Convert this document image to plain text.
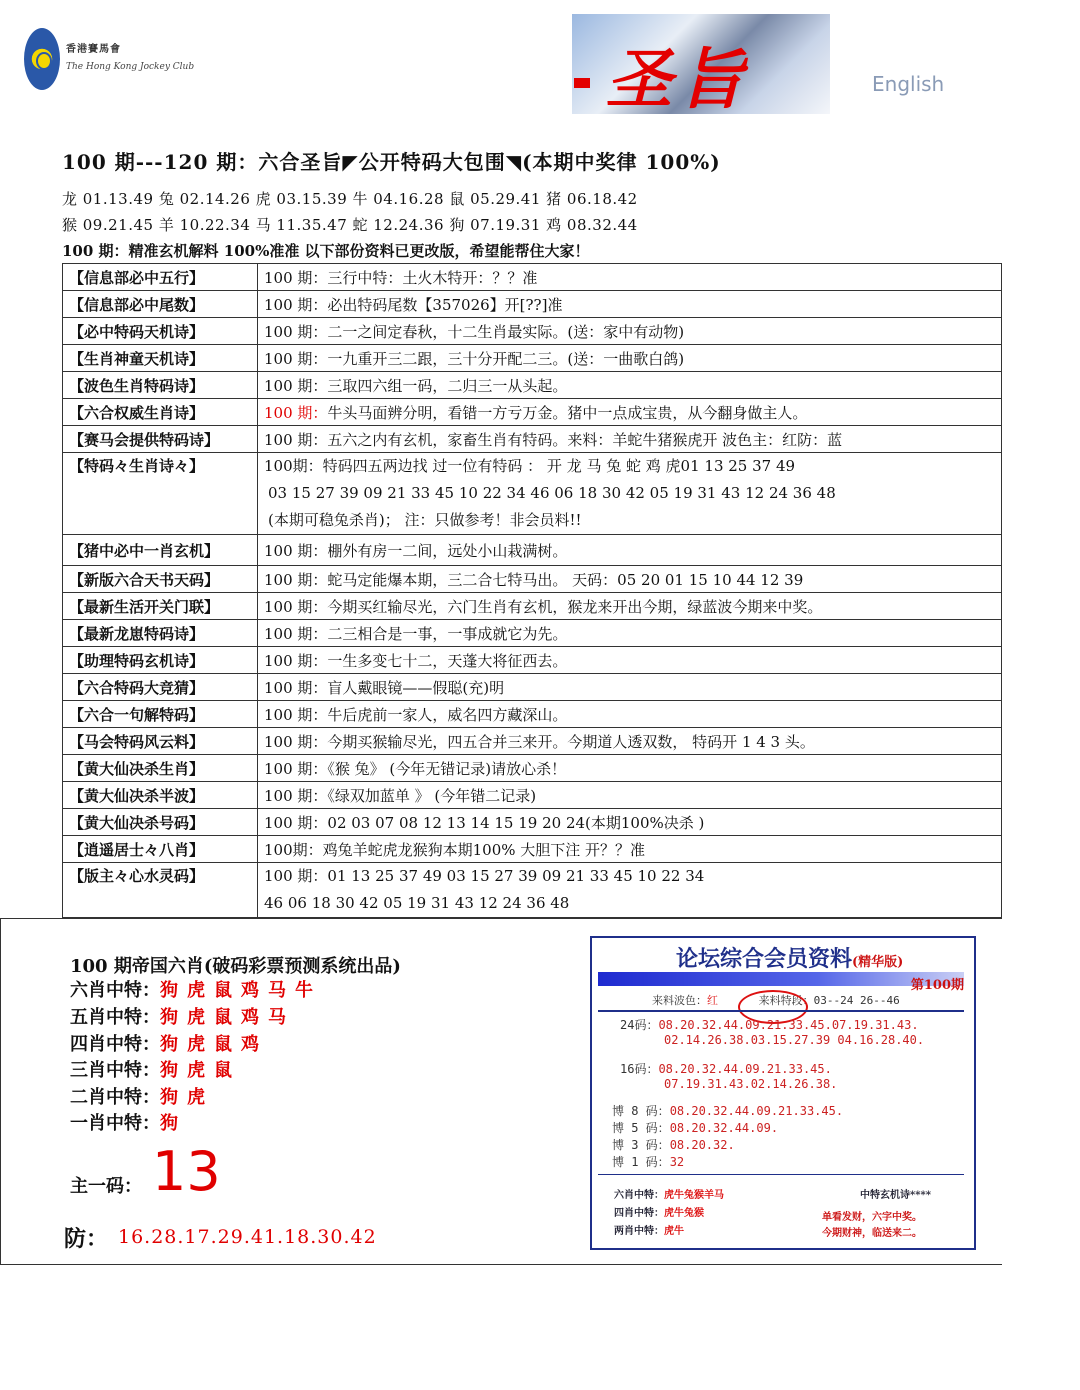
香港賽馬會
The Hong Kong Jockey Club	圣旨	English
100 期---120 期：六合圣旨◤公开特码大包围◥(本期中奖律 100%)
龙 01.13.49 兔 02.14.26 虎 03.15.39 牛 04.16.28 鼠 05.29.41 猪 06.18.42
猴 09.21.45 羊 10.22.34 马 11.35.47 蛇 12.24.36 狗 07.19.31 鸡 08.32.44
100 期：精准玄机解料 100%准准 以下部份资料已更改版，希望能帮住大家！
【信息部必中五行】	100 期：三行中特：土火木特开：？？准
【信息部必中尾数】	100 期：必出特码尾数【357026】开[??]准
【必中特码天机诗】	100 期：二一之间定春秋，十二生肖最实际。(送：家中有动物)
【生肖神童天机诗】	100 期：一九重开三二跟，三十分开配二三。(送：一曲歌白鸽)
【波色生肖特码诗】	100 期：三取四六组一码，二归三一从头起。
【六合权威生肖诗】	100 期：牛头马面辨分明，看错一方亏万金。猪中一点成宝贵，从今翻身做主人。
【赛马会提供特码诗】	100 期：五六之内有玄机，家畜生肖有特码。来料：羊蛇牛猪猴虎开 波色主：红防：蓝
【特码々生肖诗々】	100期：特码四五两边找 过一位有特码 ： 开 龙 马 兔 蛇 鸡 虎01 13 25 37 49
03 15 27 39 09 21 33 45 10 22 34 46 06 18 30 42 05 19 31 43 12 24 36 48
(本期可稳兔杀肖)； 注：只做参考！非会员料!!

【猪中必中一肖玄机】	100 期：棚外有房一二间，远处小山栽满树。
【新版六合天书天码】	100 期：蛇马定能爆本期，三二合七特马出。 天码：05 20 01 15 10 44 12 39
【最新生活开关门联】	100 期：今期买红输尽光，六门生肖有玄机，猴龙来开出今期，绿蓝波今期来中奖。
【最新龙崽特码诗】	100 期：二三相合是一事，一事成就它为先。
【助理特码玄机诗】	100 期：一生多变七十二，天蓬大将征西去。
【六合特码大竞猜】	100 期：盲人戴眼镜——假聪(充)明
【六合一句解特码】	100 期：牛后虎前一家人，威名四方藏深山。
【马会特码风云料】	100 期：今期买猴输尽光，四五合并三来开。今期道人透双数， 特码开 1 4 3 头。
【黄大仙决杀生肖】	100 期：《猴 兔》 (今年无错记录)请放心杀！
【黄大仙决杀半波】	100 期：《绿双加蓝单 》 (今年错二记录)
【黄大仙决杀号码】	100 期：02 03 07 08 12 13 14 15 19 20 24(本期100%决杀 )
【逍遥居士々八肖】	100期：鸡兔羊蛇虎龙猴狗本期100% 大胆下注 开？？准
【版主々心水灵码】	100 期：01 13 25 37 49 03 15 27 39 09 21 33 45 10 22 34
46 06 18 30 42 05 19 31 43 12 24 36 48
100 期帝国六肖(破码彩票预测系统出品)
六肖中特：狗虎鼠鸡马牛
五肖中特：狗虎鼠鸡马
四肖中特：狗虎鼠鸡
三肖中特：狗虎鼠
二肖中特：狗虎
一肖中特：狗
主一码： 13
防： 16.28.17.29.41.18.30.42
论坛综合会员资料(精华版)
第100期
来料波色：红	来料特段：03--24 26--46
24码：08.20.32.44.09.21.33.45.07.19.31.43.
02.14.26.38.03.15.27.39 04.16.28.40.
16码：08.20.32.44.09.21.33.45.
07.19.31.43.02.14.26.38.
博 8 码：08.20.32.44.09.21.33.45.
博 5 码：08.20.32.44.09.
博 3 码：08.20.32.
博 1 码：32
六肖中特：虎牛兔猴羊马
四肖中特：虎牛兔猴
两肖中特：虎牛
中特玄机诗****
单看发财，六字中奖。
今期财神，临送来二。
